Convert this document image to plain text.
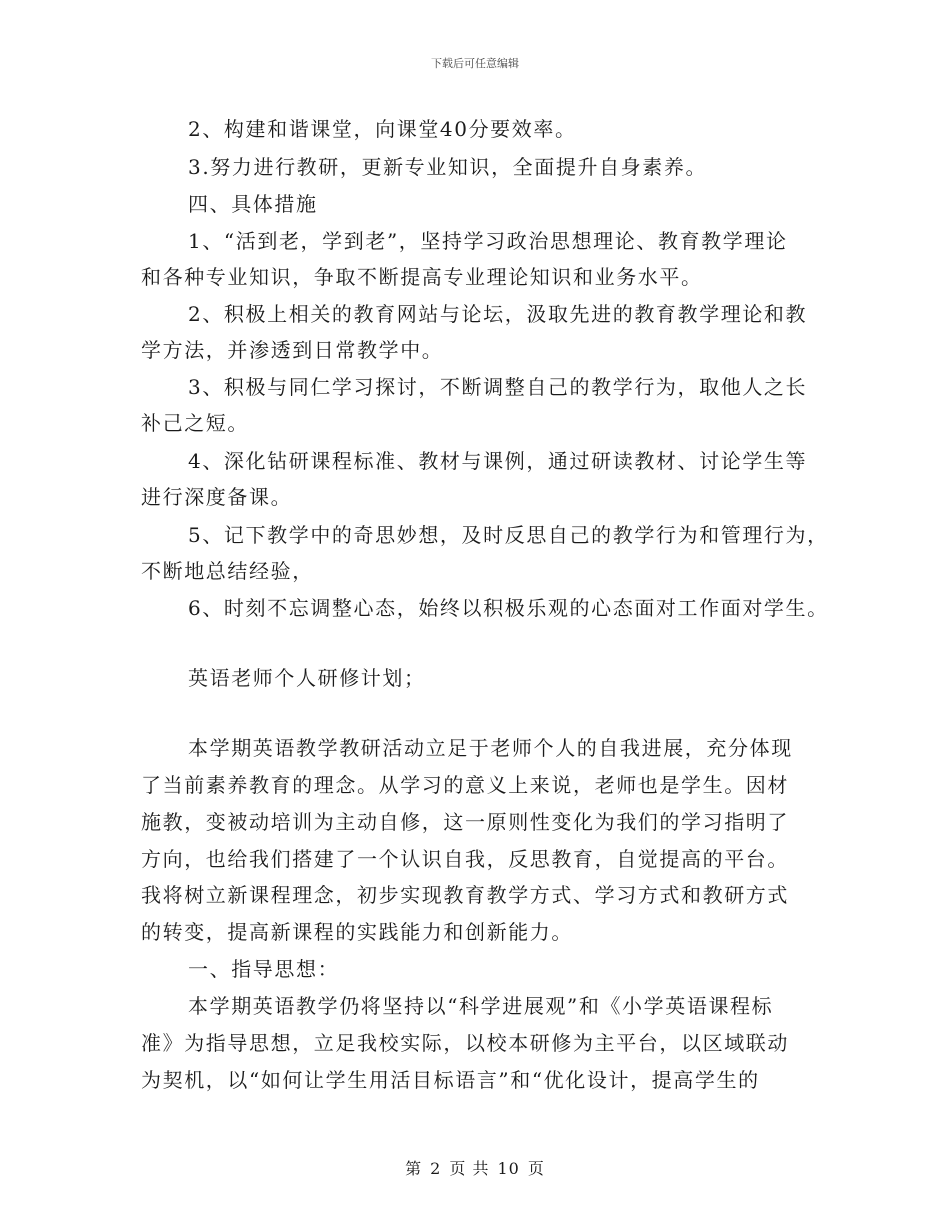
下载后可任意编辑
2、构建和谐课堂，向课堂40分要效率。
3.努力进行教研，更新专业知识，全面提升自身素养。
四、具体措施
1、“活到老，学到老”，坚持学习政治思想理论、教育教学理论
和各种专业知识，争取不断提高专业理论知识和业务水平。
2、积极上相关的教育网站与论坛，汲取先进的教育教学理论和教
学方法，并渗透到日常教学中。
3、积极与同仁学习探讨，不断调整自己的教学行为，取他人之长
补己之短。
4、深化钻研课程标准、教材与课例，通过研读教材、讨论学生等
进行深度备课。
5、记下教学中的奇思妙想，及时反思自己的教学行为和管理行为，
不断地总结经验，
6、时刻不忘调整心态，始终以积极乐观的心态面对工作面对学生。
英语老师个人研修计划；
本学期英语教学教研活动立足于老师个人的自我进展，充分体现
了当前素养教育的理念。从学习的意义上来说，老师也是学生。因材
施教，变被动培训为主动自修，这一原则性变化为我们的学习指明了
方向，也给我们搭建了一个认识自我，反思教育，自觉提高的平台。
我将树立新课程理念，初步实现教育教学方式、学习方式和教研方式
的转变，提高新课程的实践能力和创新能力。
一、指导思想：
本学期英语教学仍将坚持以“科学进展观”和《小学英语课程标
准》为指导思想，立足我校实际，以校本研修为主平台，以区域联动
为契机，以“如何让学生用活目标语言”和“优化设计，提高学生的
第 2 页 共 10 页
